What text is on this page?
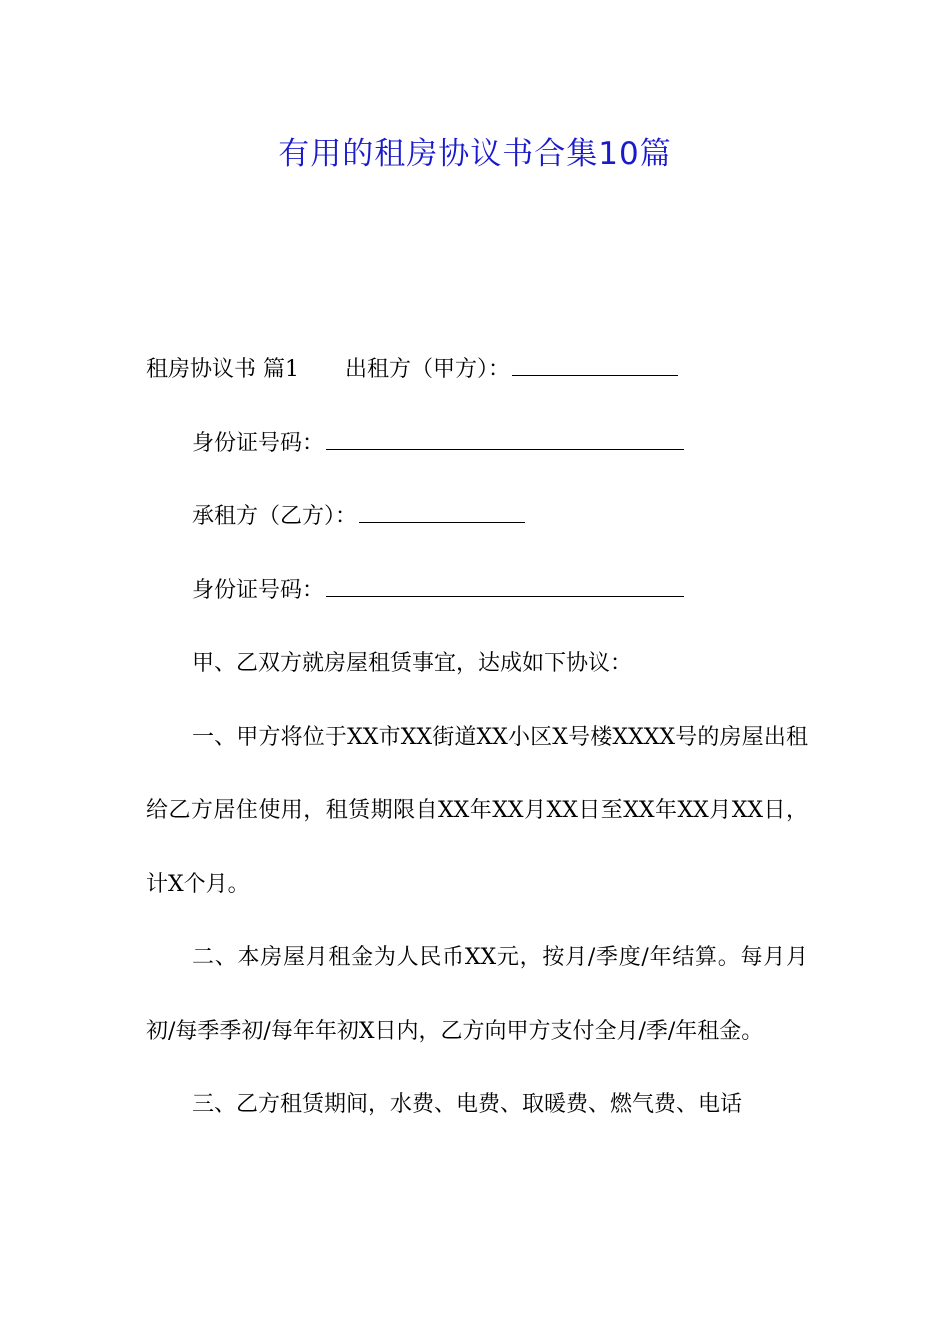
有用的租房协议书合集10篇
租房协议书 篇1 出租方（甲方）：
身份证号码：
承租方（乙方）：
身份证号码：
甲、乙双方就房屋租赁事宜，达成如下协议：
一、甲方将位于XX市XX街道XX小区X号楼XXXX号的房屋出租给乙方居住使用，租赁期限自XX年XX月XX日至XX年XX月XX日，计X个月。
二、本房屋月租金为人民币XX元，按月/季度/年结算。每月月初/每季季初/每年年初X日内，乙方向甲方支付全月/季/年租金。
三、乙方租赁期间，水费、电费、取暖费、燃气费、电话
